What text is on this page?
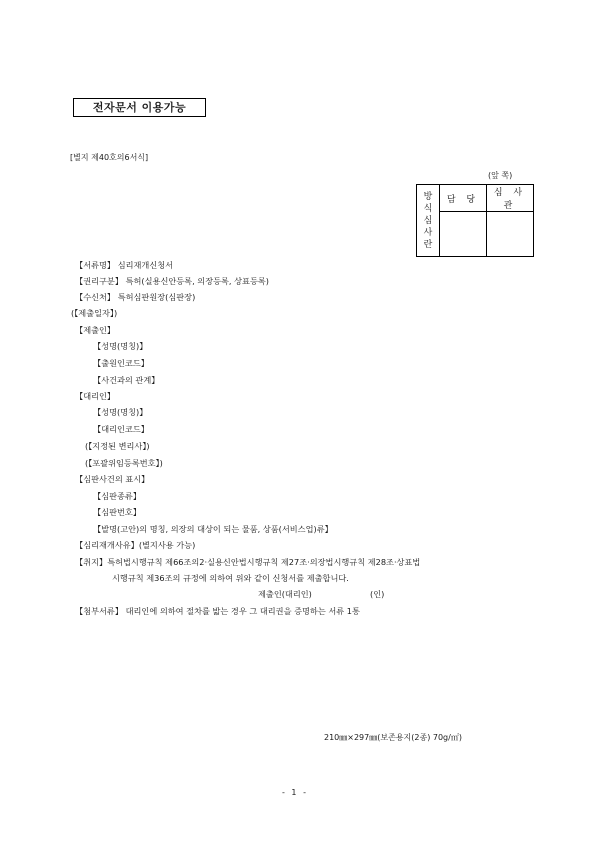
전자문서 이용가능
[별지 제40호의6서식]
(앞 쪽)
방
식
심
사
란	담 당	심 사 관

【서류명】 심리재개신청서
【권리구분】 특허(실용신안등록, 의장등록, 상표등록)
【수신처】 특허심판원장(심판장)
(【제출일자】)
【제출인】
【성명(명칭)】
【출원인코드】
【사건과의 관계】
【대리인】
【성명(명칭)】
【대리인코드】
(【지정된 변리사】)
(【포괄위임등록번호】)
【심판사건의 표시】
【심판종류】
【심판번호】
【발명(고안)의 명칭, 의장의 대상이 되는 물품, 상품(서비스업)류】
【심리재개사유】(별지사용 가능)
【취지】특허법시행규칙 제66조의2·실용신안법시행규칙 제27조·의장법시행규칙 제28조·상표법
시행규칙 제36조의 규정에 의하여 위와 같이 신청서를 제출합니다.
제출인(대리인)	(인)
【첨부서류】 대리인에 의하여 절차를 밟는 경우 그 대리권을 증명하는 서류 1통
210㎜×297㎜(보존용지(2종) 70g/㎡)
- 1 -
